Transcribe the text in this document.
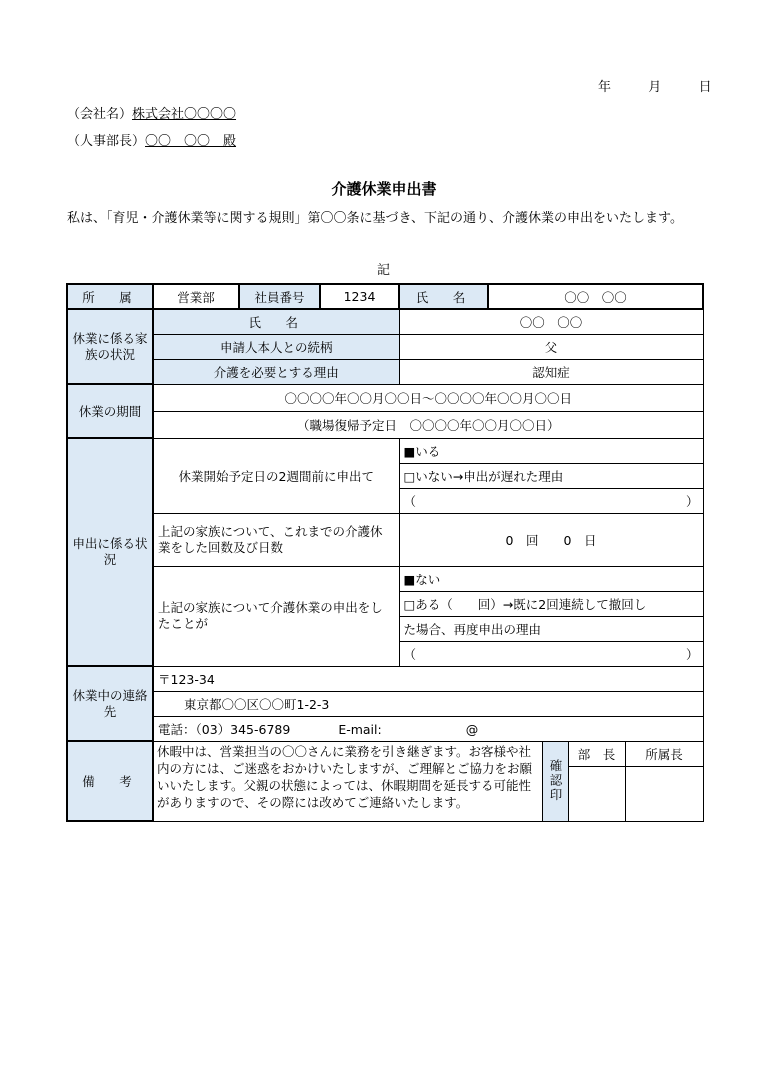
年	月	日
（会社名）株式会社〇〇〇〇
（人事部長）〇〇　〇〇　殿
介護休業申出書
私は、「育児・介護休業等に関する規則」第〇〇条に基づき、下記の通り、介護休業の申出をいたします。
記
所　属	営業部	社員番号	1234	氏　名	〇〇　〇〇			
休業に係る家族の状況	氏　名			〇〇　〇〇				
	申請人本人との続柄			父				
	介護を必要とする理由			認知症				
休業の期間	〇〇〇〇年〇〇月〇〇日～〇〇〇〇年〇〇月〇〇日							
	（職場復帰予定日　〇〇〇〇年〇〇月〇〇日）							
申出に係る状況	休業開始予定日の2週間前に申出て			■いる				
				□いない→申出が遅れた理由				
				（ ）				

	上記の家族について、これまでの介護休業をした回数及び日数			0　回　　0　日				
	上記の家族について介護休業の申出をしたことが			■ない				
				□ある（　　回）→既に2回連続して撤回し				
				た場合、再度申出の理由				
				（ ）				

休業中の連絡先	〒123-34							
	東京都〇〇区〇〇町1-2-3							
	電話：（03）345-6789 E-mail: @							
備　考	休暇中は、営業担当の〇〇さんに業務を引き継ぎます。お客様や社内の方には、ご迷惑をおかけいたしますが、ご理解とご協力をお願いいたします。父親の状態によっては、休暇期間を延長する可能性がありますので、その際には改めてご連絡いたします。					確認印	部　長	所属長
